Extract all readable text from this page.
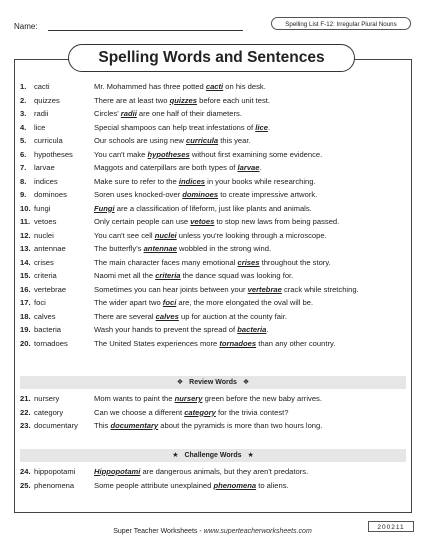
Name:	Spelling List F-12: Irregular Plural Nouns
Spelling Words and Sentences
1. cacti	Mr. Mohammed has three potted cacti on his desk.
2. quizzes	There are at least two quizzes before each unit test.
3. radii	Circles' radii are one half of their diameters.
4. lice	Special shampoos can help treat infestations of lice.
5. curricula	Our schools are using new curricula this year.
6. hypotheses	You can't make hypotheses without first examining some evidence.
7. larvae	Maggots and caterpillars are both types of larvae.
8. indices	Make sure to refer to the indices in your books while researching.
9. dominoes	Soren uses knocked-over dominoes to create impressive artwork.
10. fungi	Fungi are a classification of lifeform, just like plants and animals.
11. vetoes	Only certain people can use vetoes to stop new laws from being passed.
12. nuclei	You can't see cell nuclei unless you're looking through a microscope.
13. antennae	The butterfly's antennae wobbled in the strong wind.
14. crises	The main character faces many emotional crises throughout the story.
15. criteria	Naomi met all the criteria the dance squad was looking for.
16. vertebrae	Sometimes you can hear joints between your vertebrae crack while stretching.
17. foci	The wider apart two foci are, the more elongated the oval will be.
18. calves	There are several calves up for auction at the county fair.
19. bacteria	Wash your hands to prevent the spread of bacteria.
20. tornadoes	The United States experiences more tornadoes than any other country.
❖ Review Words ❖
21. nursery	Mom wants to paint the nursery green before the new baby arrives.
22. category	Can we choose a different category for the trivia contest?
23. documentary This documentary about the pyramids is more than two hours long.
★ Challenge Words ★
24. hippopotami Hippopotami are dangerous animals, but they aren't predators.
25. phenomena	Some people attribute unexplained phenomena to aliens.
Super Teacher Worksheets - www.superteacherworksheets.com
200211
